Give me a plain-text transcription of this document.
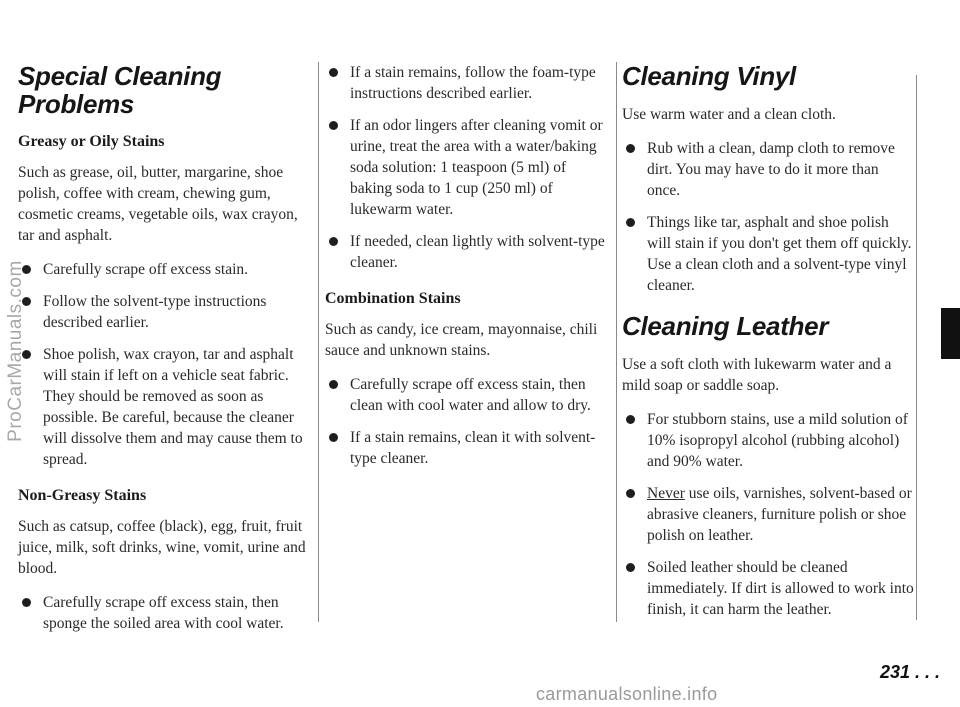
Special Cleaning Problems
Greasy or Oily Stains

Such as grease, oil, butter, margarine, shoe polish, coffee with cream, chewing gum, cosmetic creams, vegetable oils, wax crayon, tar and asphalt.

Carefully scrape off excess stain.
Follow the solvent-type instructions described earlier.
Shoe polish, wax crayon, tar and asphalt will stain if left on a vehicle seat fabric. They should be removed as soon as possible. Be careful, because the cleaner will dissolve them and may cause them to spread.
Non-Greasy Stains

Such as catsup, coffee (black), egg, fruit, fruit juice, milk, soft drinks, wine, vomit, urine and blood.

Carefully scrape off excess stain, then sponge the soiled area with cool water.
If a stain remains, follow the foam-type instructions described earlier.
If an odor lingers after cleaning vomit or urine, treat the area with a water/baking soda solution: 1 teaspoon (5 ml) of baking soda to 1 cup (250 ml) of lukewarm water.
If needed, clean lightly with solvent-type cleaner.
Combination Stains

Such as candy, ice cream, mayonnaise, chili sauce and unknown stains.

Carefully scrape off excess stain, then clean with cool water and allow to dry.
If a stain remains, clean it with solvent-type cleaner.
Cleaning Vinyl

Use warm water and a clean cloth.

Rub with a clean, damp cloth to remove dirt. You may have to do it more than once.
Things like tar, asphalt and shoe polish will stain if you don't get them off quickly. Use a clean cloth and a solvent-type vinyl cleaner.
Cleaning Leather

Use a soft cloth with lukewarm water and a mild soap or saddle soap.

For stubborn stains, use a mild solution of 10% isopropyl alcohol (rubbing alcohol) and 90% water.
Never use oils, varnishes, solvent-based or abrasive cleaners, furniture polish or shoe polish on leather.
Soiled leather should be cleaned immediately. If dirt is allowed to work into finish, it can harm the leather.
231 . . .
ProCarManuals.com
carmanualsonline.info
